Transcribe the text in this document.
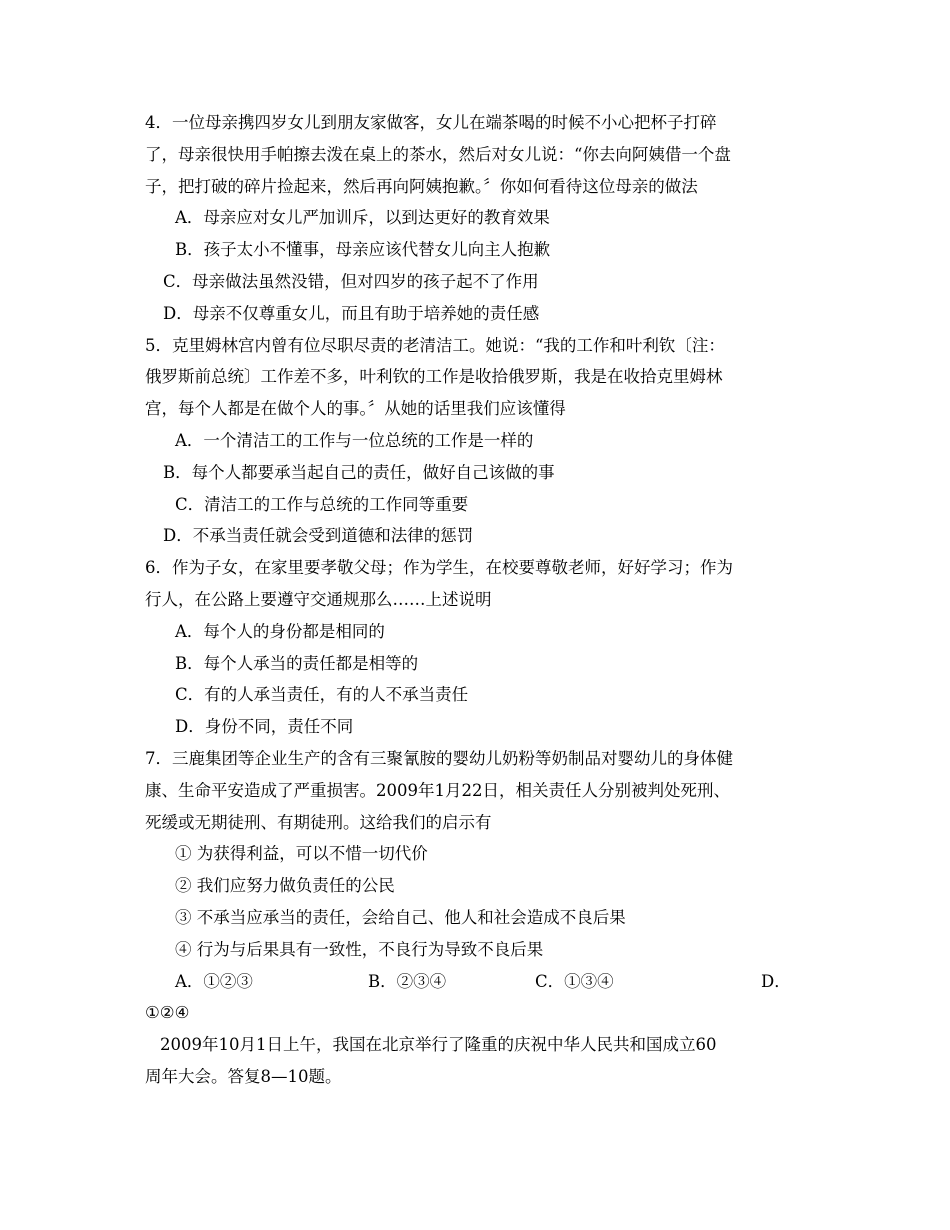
4．一位母亲携四岁女儿到朋友家做客，女儿在端茶喝的时候不小心把杯子打碎
了，母亲很快用手帕擦去泼在桌上的茶水，然后对女儿说：“你去向阿姨借一个盘
子，把打破的碎片捡起来，然后再向阿姨抱歉。〞你如何看待这位母亲的做法
A．母亲应对女儿严加训斥，以到达更好的教育效果
B．孩子太小不懂事，母亲应该代替女儿向主人抱歉
C．母亲做法虽然没错，但对四岁的孩子起不了作用
D．母亲不仅尊重女儿，而且有助于培养她的责任感
5．克里姆林宫内曾有位尽职尽责的老清洁工。她说：“我的工作和叶利钦〔注：
俄罗斯前总统〕工作差不多，叶利钦的工作是收拾俄罗斯，我是在收拾克里姆林
宫，每个人都是在做个人的事。〞从她的话里我们应该懂得
A．一个清洁工的工作与一位总统的工作是一样的
B．每个人都要承当起自己的责任，做好自己该做的事
C．清洁工的工作与总统的工作同等重要
D．不承当责任就会受到道德和法律的惩罚
6．作为子女，在家里要孝敬父母；作为学生，在校要尊敬老师，好好学习；作为
行人，在公路上要遵守交通规那么……上述说明
A．每个人的身份都是相同的
B．每个人承当的责任都是相等的
C．有的人承当责任，有的人不承当责任
D．身份不同，责任不同
7．三鹿集团等企业生产的含有三聚氰胺的婴幼儿奶粉等奶制品对婴幼儿的身体健
康、生命平安造成了严重损害。2009年1月22日，相关责任人分别被判处死刑、
死缓或无期徒刑、有期徒刑。这给我们的启示有
① 为获得利益，可以不惜一切代价
② 我们应努力做负责任的公民
③ 不承当应承当的责任，会给自己、他人和社会造成不良后果
④ 行为与后果具有一致性，不良行为导致不良后果
A．①②③	B．②③④	C．①③④	D．
①②④
2009年10月1日上午，我国在北京举行了隆重的庆祝中华人民共和国成立60
周年大会。答复8—10题。
